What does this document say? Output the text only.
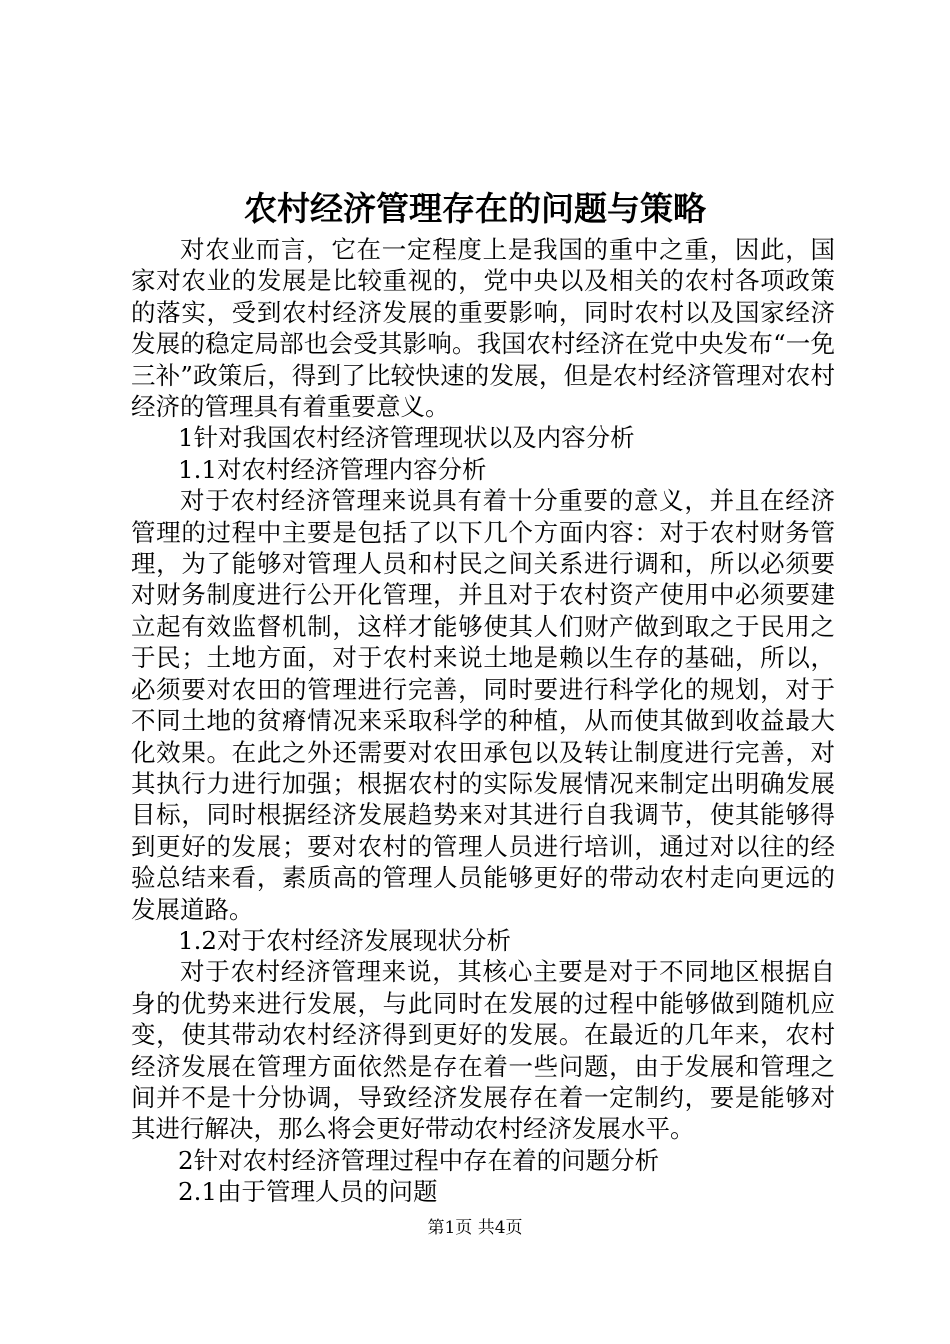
农村经济管理存在的问题与策略

对农业而言，它在一定程度上是我国的重中之重，因此，国家对农业的发展是比较重视的，党中央以及相关的农村各项政策的落实，受到农村经济发展的重要影响，同时农村以及国家经济发展的稳定局部也会受其影响。我国农村经济在党中央发布“一免三补”政策后，得到了比较快速的发展，但是农村经济管理对农村经济的管理具有着重要意义。

1针对我国农村经济管理现状以及内容分析

1.1对农村经济管理内容分析

对于农村经济管理来说具有着十分重要的意义，并且在经济管理的过程中主要是包括了以下几个方面内容：对于农村财务管理，为了能够对管理人员和村民之间关系进行调和，所以必须要对财务制度进行公开化管理，并且对于农村资产使用中必须要建立起有效监督机制，这样才能够使其人们财产做到取之于民用之于民；土地方面，对于农村来说土地是赖以生存的基础，所以，必须要对农田的管理进行完善，同时要进行科学化的规划，对于不同土地的贫瘠情况来采取科学的种植，从而使其做到收益最大化效果。在此之外还需要对农田承包以及转让制度进行完善，对其执行力进行加强；根据农村的实际发展情况来制定出明确发展目标，同时根据经济发展趋势来对其进行自我调节，使其能够得到更好的发展；要对农村的管理人员进行培训，通过对以往的经验总结来看，素质高的管理人员能够更好的带动农村走向更远的发展道路。

1.2对于农村经济发展现状分析

对于农村经济管理来说，其核心主要是对于不同地区根据自身的优势来进行发展，与此同时在发展的过程中能够做到随机应变，使其带动农村经济得到更好的发展。在最近的几年来，农村经济发展在管理方面依然是存在着一些问题，由于发展和管理之间并不是十分协调，导致经济发展存在着一定制约，要是能够对其进行解决，那么将会更好带动农村经济发展水平。

2针对农村经济管理过程中存在着的问题分析

2.1由于管理人员的问题

第1页 共4页
